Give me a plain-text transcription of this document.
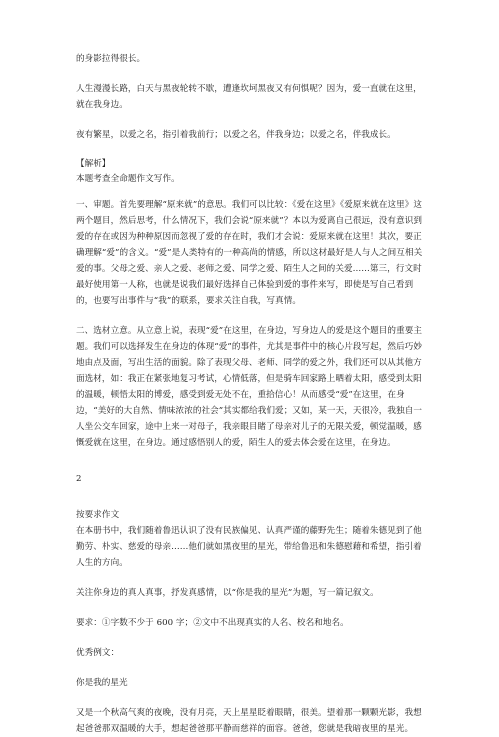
的身影拉得很长。

人生漫漫长路，白天与黑夜轮转不歇，遭逢坎坷黑夜又有何惧呢？因为，爱一直就在这里，就在我身边。

夜有繁星，以爱之名，指引着我前行；以爱之名，伴我身边；以爱之名，伴我成长。

【解析】

本题考查全命题作文写作。

一、审题。首先要理解“原来就”的意思。我们可以比较：《爱在这里》《爱原来就在这里》这两个题目，然后思考，什么情况下，我们会说“原来就”？本以为爱离自己很远，没有意识到爱的存在或因为种种原因而忽视了爱的存在时，我们才会说：爱原来就在这里！其次，要正确理解“爱”的含义。“爱”是人类特有的一种高尚的情感，所以这材最好是人与人之间互相关爱的事。父母之爱、亲人之爱、老师之爱、同学之爱、陌生人之间的关爱……第三，行文时最好使用第一人称，也就是说我们最好选择自己体验到爱的事件来写，即使是写自己看到的，也要写出事件与“我”的联系，要求关注自我，写真情。

二、选材立意。从立意上说，表现“爱”在这里，在身边，写身边人的爱是这个题目的重要主题。我们可以选择发生在身边的体现“爱”的事件，尤其是事件中的核心片段写起，然后巧妙地由点及面，写出生活的面貌。除了表现父母、老师、同学的爱之外，我们还可以从其他方面选材，如：我正在紧张地复习考试，心情低落，但是骑车回家路上晒着太阳，感受到太阳的温暖，顿悟太阳的博爱，感受到爱无处不在，重拾信心！从而感受“爱”在这里，在身边，“美好的大自然、情味浓浓的社会”其实都给我们爱；又如，某一天，天很冷，我独自一人坐公交车回家，途中上来一对母子，我亲眼目睹了母亲对儿子的无限关爱，顿觉温暖，感慨爱就在这里，在身边。通过感悟别人的爱，陌生人的爱去体会爱在这里，在身边。

2

按要求作文

在本册书中，我们随着鲁迅认识了没有民族偏见、认真严谨的藤野先生；随着朱德见到了他勤劳、朴实、慈爱的母亲……他们就如黑夜里的星光，带给鲁迅和朱德慰藉和希望，指引着人生的方向。

关注你身边的真人真事，抒发真感情，以“你是我的星光”为题，写一篇记叙文。

要求：①字数不少于 600 字；②文中不出现真实的人名、校名和地名。

优秀例文：

你是我的星光

又是一个秋高气爽的夜晚，没有月亮，天上星星眨着眼睛，很美。望着那一颗颗光影，我想起爸爸那双温暖的大手，想起爸爸那平静而慈祥的面容。爸爸，您就是我暗夜里的星光。
